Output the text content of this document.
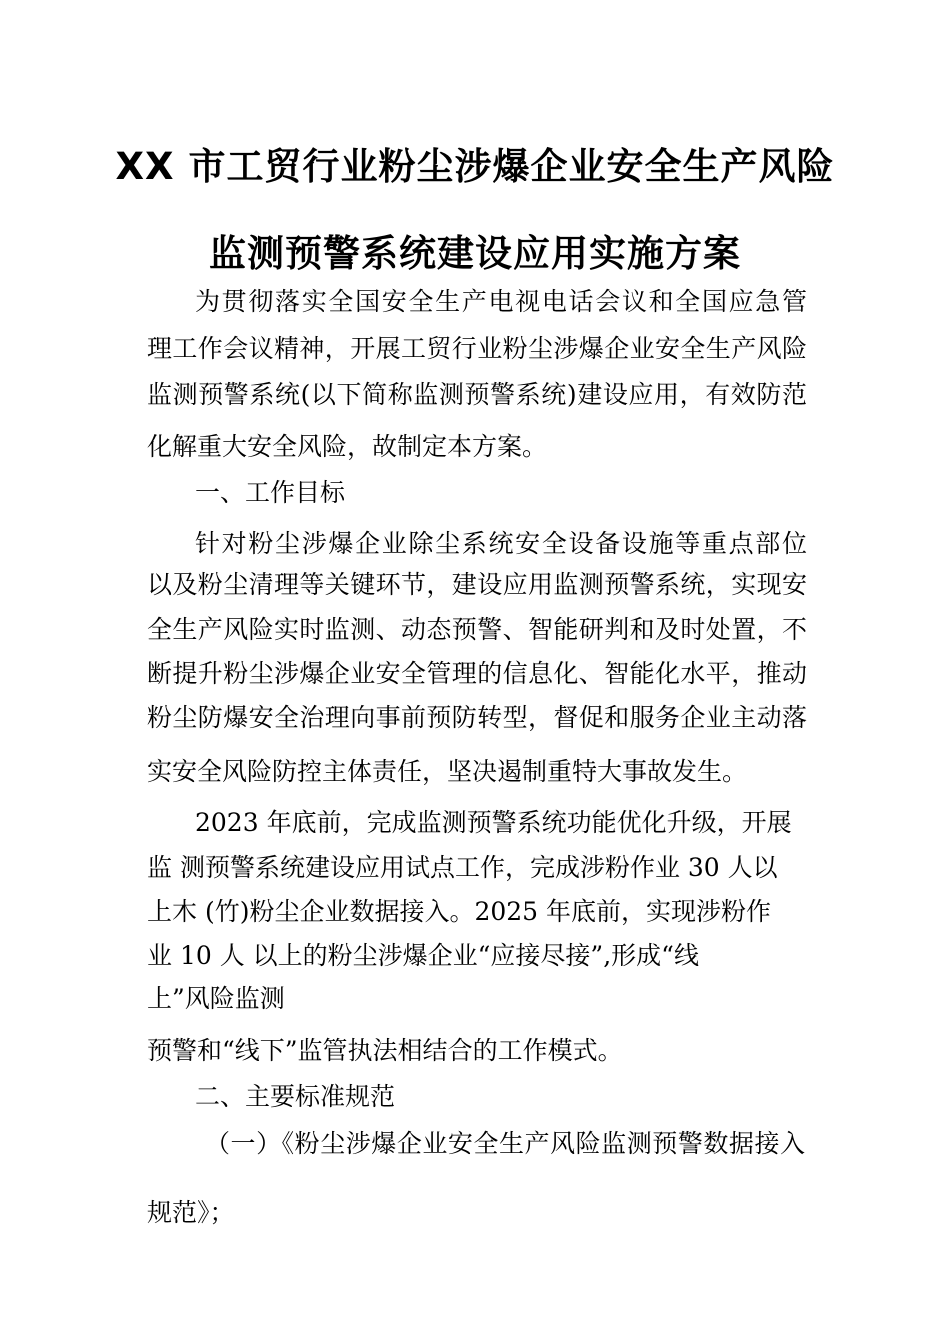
XX 市工贸行业粉尘涉爆企业安全生产风险
监测预警系统建设应用实施方案
为贯彻落实全国安全生产电视电话会议和全国应急管
理工作会议精神，开展工贸行业粉尘涉爆企业安全生产风险
监测预警系统(以下简称监测预警系统)建设应用，有效防范
化解重大安全风险，故制定本方案。
一、工作目标
针对粉尘涉爆企业除尘系统安全设备设施等重点部位
以及粉尘清理等关键环节，建设应用监测预警系统，实现安
全生产风险实时监测、动态预警、智能研判和及时处置，不
断提升粉尘涉爆企业安全管理的信息化、智能化水平，推动
粉尘防爆安全治理向事前预防转型，督促和服务企业主动落
实安全风险防控主体责任，坚决遏制重特大事故发生。
2023 年底前，完成监测预警系统功能优化升级，开展
监 测预警系统建设应用试点工作，完成涉粉作业 30 人以
上木 (竹)粉尘企业数据接入。2025 年底前，实现涉粉作
业 10 人 以上的粉尘涉爆企业“应接尽接”,形成“线
上”风险监测
预警和“线下”监管执法相结合的工作模式。
二、主要标准规范
（一）《粉尘涉爆企业安全生产风险监测预警数据接入
规范》；
